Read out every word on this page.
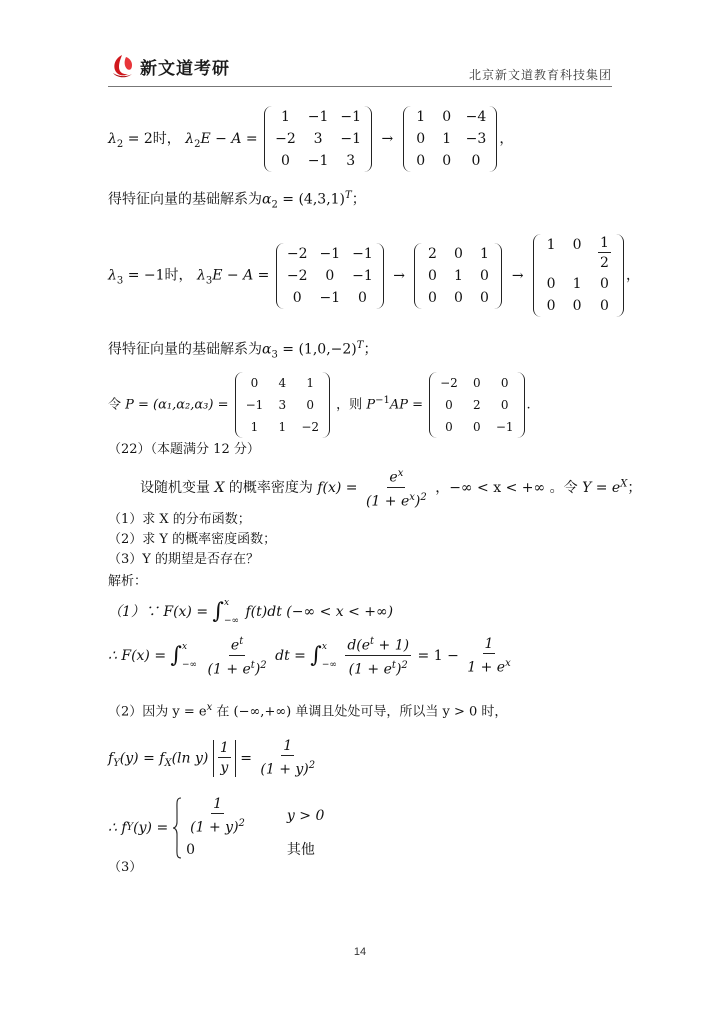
新文道考研	北京新文道教育科技集团
$\lambda_2 = 2$时， $\lambda_2E - A$ =
1	−1 −1
−2	3	−1
0	−1	3
→
1 0 −4
0 1 −3
0 0	0
，
得特征向量的基础解系为$\alpha_2 = (4,3,1)^T$；
$\lambda_3 = -1$时， $\lambda_3E - A$ =
−2 −1 −1
−2	0	−1
0	−1	0
→
2 0 1
0 1 0
0 0 0
→
1 $0 \frac{1}{2}$
0 1 0
0 0 0
，
得特征向量的基础解系为$\alpha_3 = (1,0,-2)^T$；
令 P = (α₁,α₂,α₃) =
0	4	1
−1 3	0
1	1 −2
，则 $P^{-1}AP$ =
−2 0	0
0	2	0
0	0 −1
.
（22）（本题满分 12 分）
设随机变量 X 的概率密度为 $f(x) = \frac{e^x}{(1 + e^x)^2}$ ，−∞ < x < +∞ 。令 $Y = e^X$；
（1）求 X 的分布函数；
（2）求 Y 的概率密度函数；
（3）Y 的期望是否存在？
解析：
（1）∵ F(x) = ∫ x
−∞
f(t)dt (−∞ < x < +∞)
∴ F(x) = ∫ x
−∞
$\frac{e^t}{(1 + e^t)^2}$ dt = ∫ x
−∞
$\frac{d(e^t + 1)}{(1 + e^t)^2} = 1 - \frac{1}{1 + e^x}$
（2）因为 $y = e^x$ 在 (−∞,+∞) 单调且处处可导，所以当 y > 0 时，
$f_Y(y) = f_X(\ln$ $y) \frac{1}{y} = \frac{1}{(1 + y)^2}$
∴ f Y $(y) = \frac{1}{(1 + y)^2}$	y > 0
0	其他
（3）
14
